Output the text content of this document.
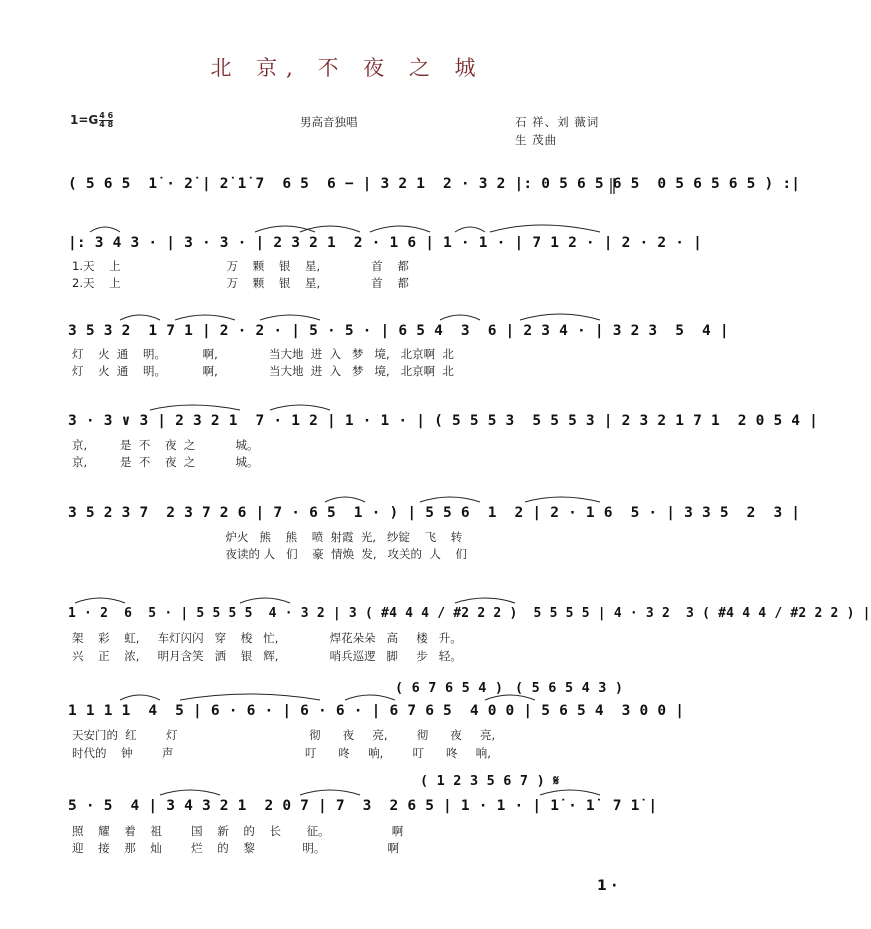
北 京, 不 夜 之 城
$1=G \frac{4 6}{4 8}$	男高音独唱	石 祥、刘 薇词
生 茂曲
( 5 6 5  1̇ · 2̇ | 2̇ 1̇ 7  6 5  6 − | 3 2 1  2 · 3 2 |: 0 5 6 5 6 5  0 5 6 5 6 5 ) :|
|: 3 4 3 · | 3 · 3 · | 2 3 2 1  2 · 1 6 | 1 · 1 · | 7 1 2 · | 2 · 2 · |
1.天    上                             万    颗    银    星,              首    都
2.天    上                             万    颗    银    星,              首    都
3 5 3 2  1 7 1 | 2 · 2 · | 5 · 5 · | 6 5 4  3  6 | 2 3 4 · | 3 2 3  5  4 |
灯    火  通    明。          啊,              当大地  进  入   梦   境,   北京啊  北
灯    火  通    明。          啊,              当大地  进  入   梦   境,   北京啊  北
3 · 3 ∨ 3 | 2 3 2 1  7 · 1 2 | 1 · 1 · | ( 5 5 5 3  5 5 5 3 | 2 3 2 1 7 1  2 0 5 4 |
京,         是  不    夜  之           城。
京,         是  不    夜  之           城。
3 5 2 3 7  2 3 7 2 6 | 7 · 6 5  1 · ) | 5 5 6  1  2 | 2 · 1 6  5 · | 3 3 5  2  3 |
炉火   熊    熊    喷  射霞  光,   纱锭    飞    转
夜读的 人   们    豪  情焕  发,   攻关的  人    们
1 · 2  6  5 · | 5 5 5 5  4 · 3 2 | 3 ( #4 4 4 / #2 2 2 )  5 5 5 5 | 4 · 3 2  3 ( #4 4 4 / #2 2 2 ) |
架    彩    虹,     车灯闪闪   穿    梭   忙,              焊花朵朵   高     楼   升。
兴    正    浓,     明月含笑   洒    银   辉,              哨兵巡逻   脚     步   轻。
( 6 7 6 5 4 ) ( 5 6 5 4 3 )
1 1 1 1  4  5 | 6 · 6 · | 6 · 6 · | 6 7 6 5  4 0 0 | 5 6 5 4  3 0 0 |
天安门的  红        灯                                    彻      夜     亮,        彻      夜     亮,
时代的    钟        声                                    叮      咚     响,        叮      咚     响,
( 1 2 3 5 6 7 ) 𝄋
5 · 5  4 | 3 4 3 2 1  2 0 7 | 7  3  2 6 5 | 1 · 1 · | 1̇ · 1̇  7 1̇ |
照    耀    着    祖        国    新    的    长       征。                 啊
迎    接    那    灿        烂    的    黎             明。                 啊
1 ·
